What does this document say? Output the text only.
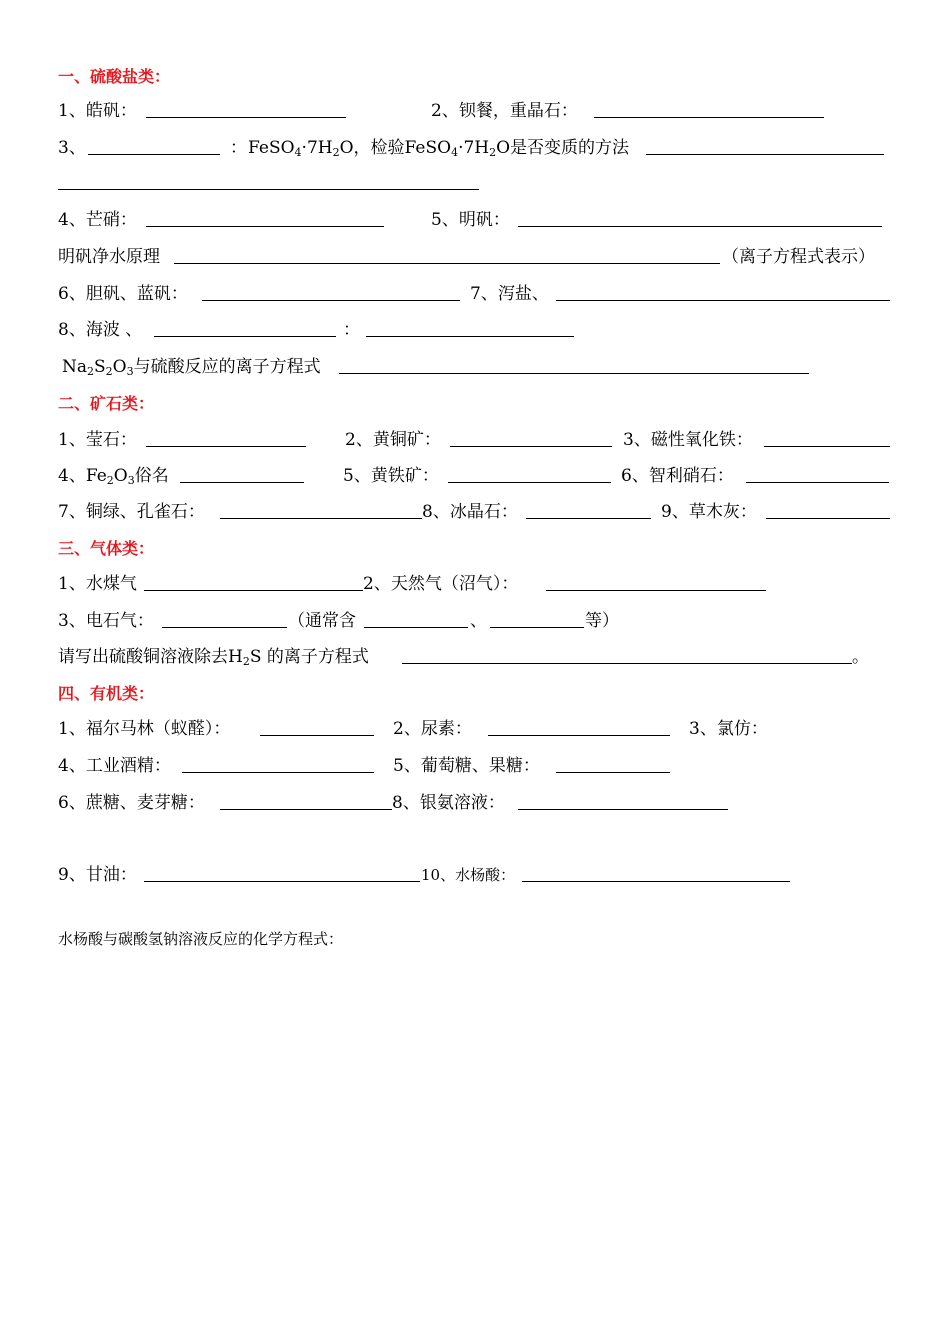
一、硫酸盐类：
1、皓矾：	2、钡餐，重晶石：
3、	： $FeSO_4\cdot 7H_2O$，检验$FeSO_4\cdot 7H_2O$是否变质的方法
4、芒硝：	5、明矾：
明矾净水原理	（离子方程式表示）
6、胆矾、蓝矾：	7、泻盐、
8、海波 、	：
$Na_2S_2O_3$与硫酸反应的离子方程式
二、矿石类：
1、莹石：	2、黄铜矿：	3、磁性氧化铁：
4、$Fe_2O_3$俗名	5、黄铁矿：	6、智利硝石：
7、铜绿、孔雀石：	8、冰晶石：	9、草木灰：
三、气体类：
1、水煤气	2、天然气（沼气）：
3、电石气：	（通常含	、	等）
请写出硫酸铜溶液除去$H_2S$ 的离子方程式	。
四、有机类：
1、福尔马林（蚁醛）：	2、尿素：	3、氯仿：
4、工业酒精：	5、葡萄糖、果糖：
6、蔗糖、麦芽糖：	8、银氨溶液：
9、甘油：	10、水杨酸：
水杨酸与碳酸氢钠溶液反应的化学方程式：
